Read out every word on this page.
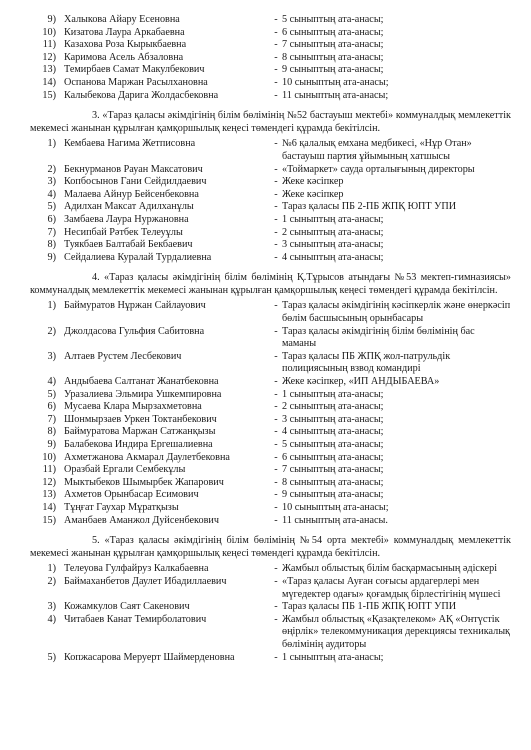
9) Халыкова Айару Есеновна	- 5 сыныптың ата-анасы;
10) Кизатова Лаура Аркабаевна	- 6 сыныптың ата-анасы;
11) Казахова Роза Кырыкбаевна	- 7 сыныптың ата-анасы;
12) Каримова Асель Абзаловна	- 8 сыныптың ата-анасы;
13) Темирбаев Самат Макулбекович	- 9 сыныптың ата-анасы;
14) Оспанова Маржан Расылхановна	- 10 сыныптың ата-анасы;
15) Калыбекова Дарига Жолдасбековна	- 11 сыныптың ата-анасы;

3. «Тараз қаласы әкімдігінің білім бөлімінің №52 бастауыш мектебі» коммуналдық мемлекеттік мекемесі жанынан құрылған қамқоршылық кеңесі төмендегі құрамда бекітілсін.

1) Кембаева Нагима Жетписовна	- №6 қалалық емхана медбикесі, «Нұр Отан» бастауыш партия ұйымының хатшысы
2) Бекнурманов Рауан Максатович	- «Тоймаркет» сауда орталығының директоры
3) Копбосынов Гани Сейдилдаевич	- Жеке кәсіпкер
4) Малаева Айнур Бейсенбековна	- Жеке кәсіпкер
5) Адилхан Максат Адилханұлы	- Тараз қаласы ПБ 2-ПБ ЖПҚ ЮПТ УПИ
6) Замбаева Лаура Нуржановна	- 1 сыныптың ата-анасы;
7) Несипбай Рәтбек Телеуұлы	- 2 сыныптың ата-анасы;
8) Туякбаев Балтабай Бекбаевич	- 3 сыныптың ата-анасы;
9) Сейдалиева Куралай Турдалиевна	- 4 сыныптың ата-анасы;

4. «Тараз қаласы әкімдігінің білім бөлімінің Қ.Тұрысов атындағы №53 мектеп-гимназиясы» коммуналдық мемлекеттік мекемесі жанынан құрылған қамқоршылық кеңесі төмендегі құрамда бекітілсін.

1) Баймуратов Нұржан Сайлауович	- Тараз қаласы әкімдігінің кәсіпкерлік және өнеркәсіп бөлім басшысының орынбасары
2) Джолдасова Гульфия Сабитовна	- Тараз қаласы әкімдігінің білім бөлімінің бас маманы
3) Алтаев Рустем Лесбекович	- Тараз қаласы ПБ ЖПҚ жол-патрульдік полициясының взвод командирі
4) Андыбаева Салтанат Жанатбековна	- Жеке кәсіпкер, «ИП АНДЫБАЕВА»
5) Уразалиева Эльмира Ушкемпировна	- 1 сыныптың ата-анасы;
6) Мусаева Клара Мырзахметовна	- 2 сыныптың ата-анасы;
7) Шонмырзаев Уркен Токтанбекович	- 3 сыныптың ата-анасы;
8) Баймуратова Маржан Сатжанқызы	- 4 сыныптың ата-анасы;
9) Балабекова Индира Ергешалиевна	- 5 сыныптың ата-анасы;
10) Ахметжанова Акмарал Даулетбековна	- 6 сыныптың ата-анасы;
11) Оразбай Ергали Сембекұлы	- 7 сыныптың ата-анасы;
12) Мыктыбеков Шымырбек Жапарович	- 8 сыныптың ата-анасы;
13) Ахметов Орынбасар Есимович	- 9 сыныптың ата-анасы;
14) Тұңғат Гаухар Мұратқызы	- 10 сыныптың ата-анасы;
15) Аманбаев Аманжол Дуйсенбекович	- 11 сыныптың ата-анасы.

5. «Тараз қаласы әкімдігінің білім бөлімінің №54 орта мектебі» коммуналдық мемлекеттік мекемесі жанынан құрылған қамқоршылық кеңесі төмендегі құрамда бекітілсін.

1) Телеуова Гулфайруз Калкабаевна	- Жамбыл облыстық білім басқармасының әдіскері
2) Баймаханбетов Даулет Ибадиллаевич	- «Тараз қаласы Ауған соғысы ардагерлері мен мүгедектер одағы» қоғамдық бірлестігінің мүшесі
3) Кожамкулов Саят Сакенович	- Тараз қаласы ПБ 1-ПБ ЖПҚ ЮПТ УПИ
4) Читабаев Канат Темирболатович	- Жамбыл облыстық «Қазақтелеком» АҚ «Онтүстік өңірлік» телекоммуникация дерекциясы техникалық бөлімінің аудиторы
5) Копжасарова Меруерт Шаймерденовна	- 1 сыныптың ата-анасы;
